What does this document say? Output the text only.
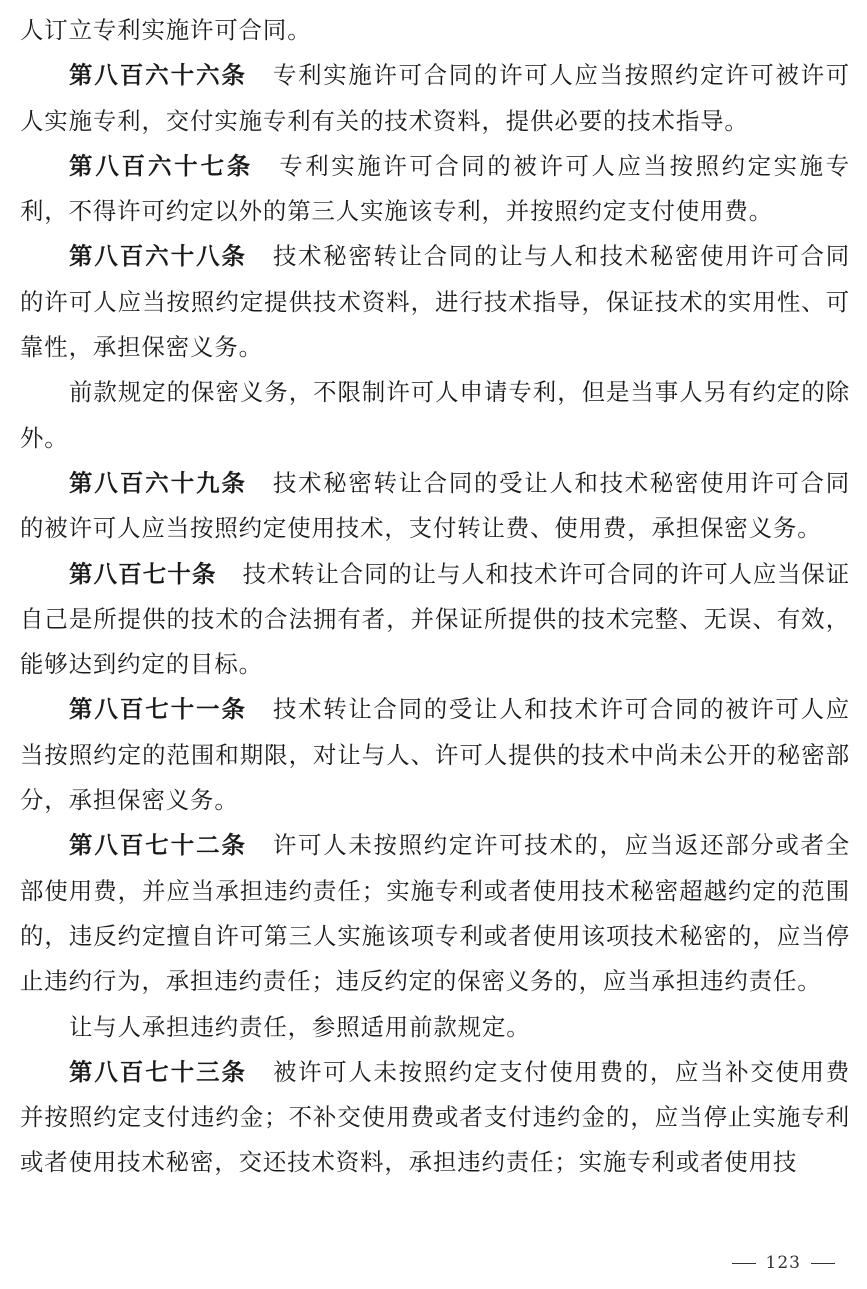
人订立专利实施许可合同。

第八百六十六条 专利实施许可合同的许可人应当按照约定许可被许可人实施专利，交付实施专利有关的技术资料，提供必要的技术指导。

第八百六十七条 专利实施许可合同的被许可人应当按照约定实施专利，不得许可约定以外的第三人实施该专利，并按照约定支付使用费。

第八百六十八条 技术秘密转让合同的让与人和技术秘密使用许可合同的许可人应当按照约定提供技术资料，进行技术指导，保证技术的实用性、可靠性，承担保密义务。

前款规定的保密义务，不限制许可人申请专利，但是当事人另有约定的除外。

第八百六十九条 技术秘密转让合同的受让人和技术秘密使用许可合同的被许可人应当按照约定使用技术，支付转让费、使用费，承担保密义务。

第八百七十条 技术转让合同的让与人和技术许可合同的许可人应当保证自己是所提供的技术的合法拥有者，并保证所提供的技术完整、无误、有效，能够达到约定的目标。

第八百七十一条 技术转让合同的受让人和技术许可合同的被许可人应当按照约定的范围和期限，对让与人、许可人提供的技术中尚未公开的秘密部分，承担保密义务。

第八百七十二条 许可人未按照约定许可技术的，应当返还部分或者全部使用费，并应当承担违约责任；实施专利或者使用技术秘密超越约定的范围的，违反约定擅自许可第三人实施该项专利或者使用该项技术秘密的，应当停止违约行为，承担违约责任；违反约定的保密义务的，应当承担违约责任。

让与人承担违约责任，参照适用前款规定。

第八百七十三条 被许可人未按照约定支付使用费的，应当补交使用费并按照约定支付违约金；不补交使用费或者支付违约金的，应当停止实施专利或者使用技术秘密，交还技术资料，承担违约责任；实施专利或者使用技

123
